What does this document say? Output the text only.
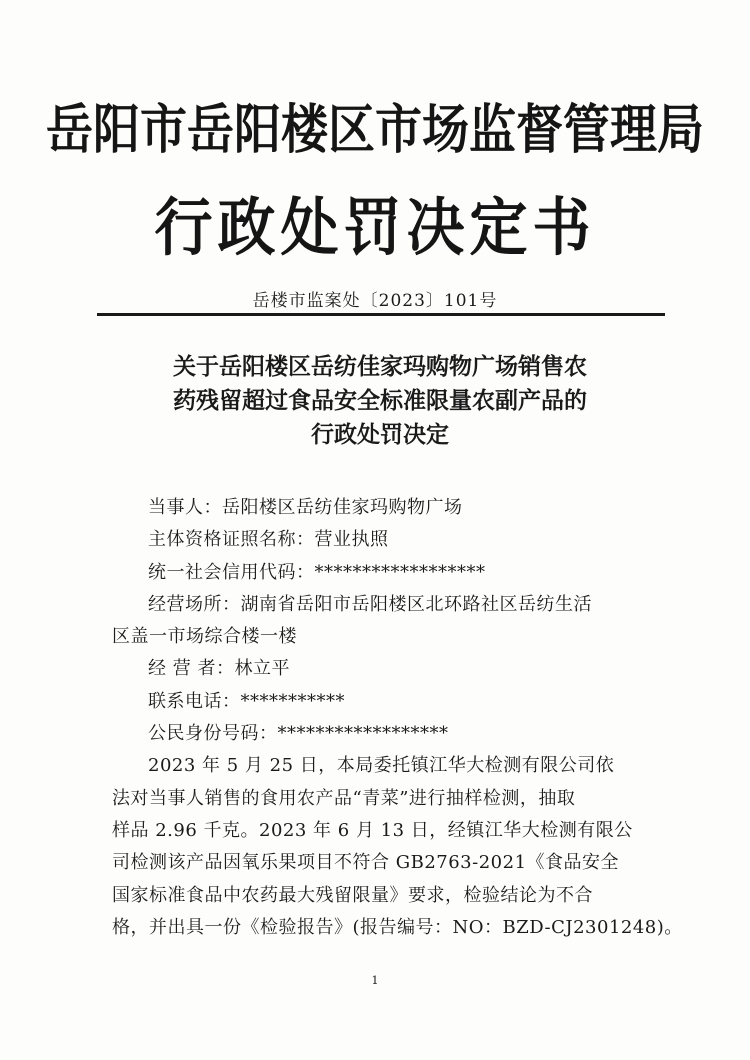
岳阳市岳阳楼区市场监督管理局
行政处罚决定书
岳楼市监案处〔2023〕101号
关于岳阳楼区岳纺佳家玛购物广场销售农
药残留超过食品安全标准限量农副产品的
行政处罚决定
当事人：岳阳楼区岳纺佳家玛购物广场
主体资格证照名称：营业执照
统一社会信用代码：******************
经营场所：湖南省岳阳市岳阳楼区北环路社区岳纺生活
区盖一市场综合楼一楼
经 营 者：林立平
联系电话：***********
公民身份号码：******************
2023 年 5 月 25 日，本局委托镇江华大检测有限公司依
法对当事人销售的食用农产品“青菜”进行抽样检测，抽取
样品 2.96 千克。2023 年 6 月 13 日，经镇江华大检测有限公
司检测该产品因氧乐果项目不符合 GB2763-2021《食品安全
国家标准食品中农药最大残留限量》要求，检验结论为不合
格，并出具一份《检验报告》(报告编号：NO：BZD-CJ2301248)。
1
